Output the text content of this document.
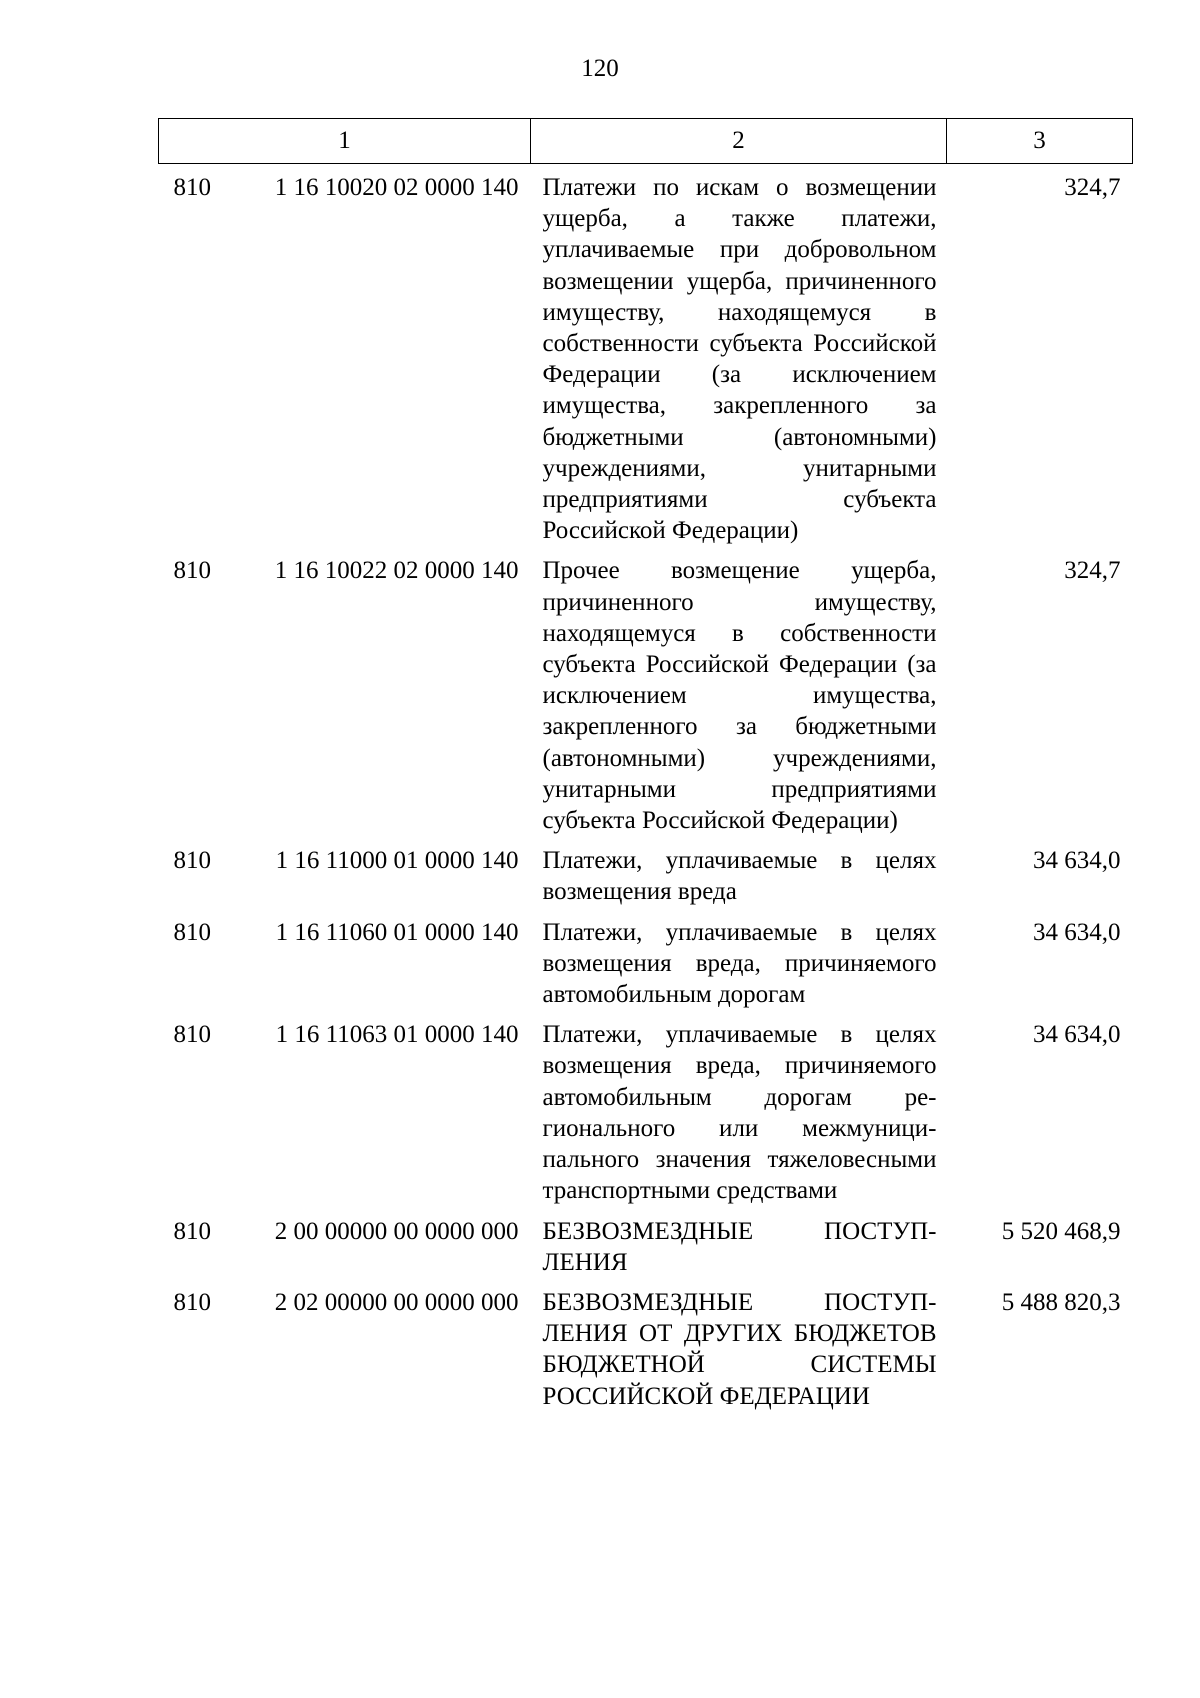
120
1	2	3

810 1 16 10020 02 0000 140	Платежи по искам о возмещении ущерба, а также платежи, уплачиваемые при добровольном возмещении ущерба, причиненного имуществу, находящемуся в собственности субъекта Российской Федерации (за исключением имущества, закрепленного за бюджетными (автономными) учреждениями, унитарными предприятиями субъекта Российской Федерации)	324,7

810 1 16 10022 02 0000 140	Прочее возмещение ущерба, причиненного имуществу, находящемуся в собственности субъекта Российской Федерации (за исключением имущества, закрепленного за бюджетными (автономными) учреждениями, унитарными предприятиями субъекта Российской Федерации)	324,7

810 1 16 11000 01 0000 140	Платежи, уплачиваемые в целях возмещения вреда	34 634,0

810 1 16 11060 01 0000 140	Платежи, уплачиваемые в целях возмещения вреда, причиняемого автомобильным дорогам	34 634,0

810 1 16 11063 01 0000 140	Платежи, уплачиваемые в целях возмещения вреда, причиняемого автомобильным дорогам регионального или межмуниципального значения тяжеловесными транспортными средствами	34 634,0

810 2 00 00000 00 0000 000	БЕЗВОЗМЕЗДНЫЕ ПОСТУПЛЕНИЯ	5 520 468,9

810 2 02 00000 00 0000 000	БЕЗВОЗМЕЗДНЫЕ ПОСТУПЛЕНИЯ ОТ ДРУГИХ БЮДЖЕТОВ БЮДЖЕТНОЙ СИСТЕМЫ РОССИЙСКОЙ ФЕДЕРАЦИИ	5 488 820,3
